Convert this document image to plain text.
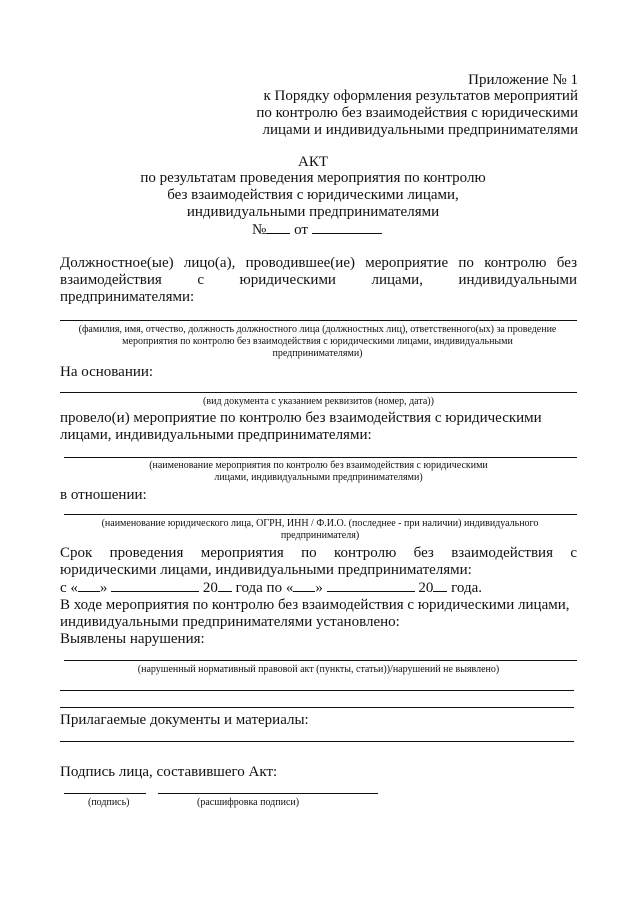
Приложение № 1
к Порядку оформления результатов мероприятий
по контролю без взаимодействия с юридическими
лицами и индивидуальными предпринимателями
АКТ
по результатам проведения мероприятия по контролю
без взаимодействия с юридическими лицами,
индивидуальными предпринимателями
№ от
Должностное(ые) лицо(а), проводившее(ие) мероприятие по контролю без
взаимодействия с юридическими лицами, индивидуальными
предпринимателями:
(фамилия, имя, отчество, должность должностного лица (должностных лиц), ответственного(ых) за проведение
мероприятия по контролю без взаимодействия с юридическими лицами, индивидуальными
предпринимателями)
На основании:
(вид документа с указанием реквизитов (номер, дата))
провело(и) мероприятие по контролю без взаимодействия с юридическими
лицами, индивидуальными предпринимателями:
(наименование мероприятия по контролю без взаимодействия с юридическими
лицами, индивидуальными предпринимателями)
в отношении:
(наименование юридического лица, ОГРН, ИНН / Ф.И.О. (последнее - при наличии) индивидуального
предпринимателя)
Срок проведения мероприятия по контролю без взаимодействия с
юридическими лицами, индивидуальными предпринимателями:
с « »	20 года по « »	20 года.
В ходе мероприятия по контролю без взаимодействия с юридическими лицами,
индивидуальными предпринимателями установлено:
Выявлены нарушения:
(нарушенный нормативный правовой акт (пункты, статьи))/нарушений не выявлено)
Прилагаемые документы и материалы:
Подпись лица, составившего Акт:
(подпись)	(расшифровка подписи)
